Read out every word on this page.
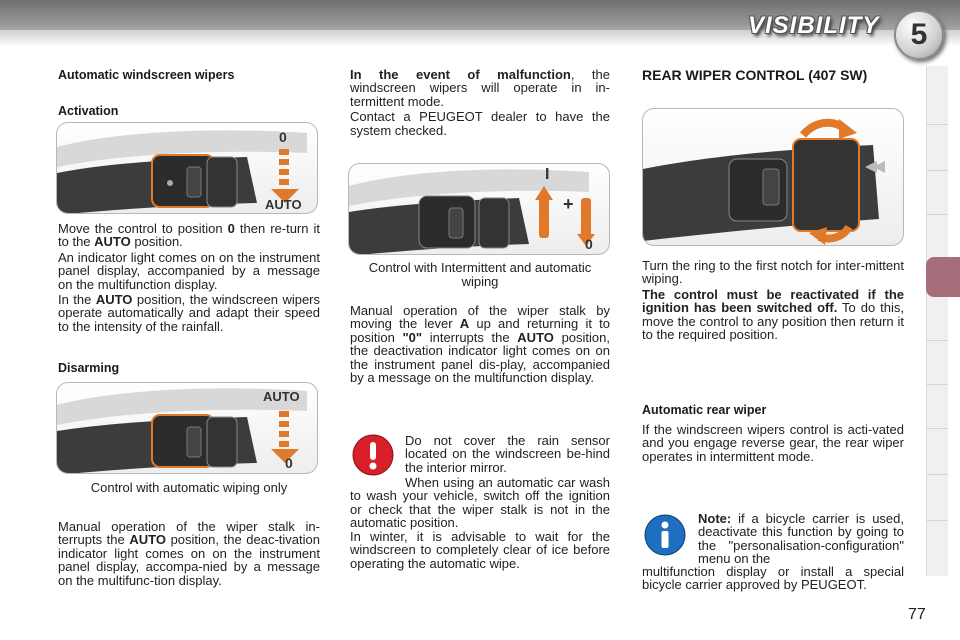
VISIBILITY	5
77
Automatic windscreen wipers
Activation
0
AUTO

Move the control to position 0 then re-turn it to the AUTO position.

An indicator light comes on on the instrument panel display, accompanied by a message on the multifunction display.

In the AUTO position, the windscreen wipers operate automatically and adapt their speed to the intensity of the rainfall.

Disarming
AUTO
0
Control with automatic wiping only

Manual operation of the wiper stalk in-terrupts the AUTO position, the deac-tivation indicator light comes on on the instrument panel display, accompa-nied by a message on the multifunc-tion display.

In the event of malfunction, the windscreen wipers will operate in in-termittent mode.

Contact a PEUGEOT dealer to have the system checked.

I
+
0
Control with Intermittent and automatic wiping

Manual operation of the wiper stalk by moving the lever A up and returning it to position "0" interrupts the AUTO position, the deactivation indicator light comes on on the instrument panel dis-play, accompanied by a message on the multifunction display.

Do not cover the rain sensor located on the windscreen be-hind the interior mirror.

When using an automatic car wash to wash your vehicle, switch off the ignition or check that the wiper stalk is not in the automatic position.

In winter, it is advisable to wait for the windscreen to completely clear of ice before operating the automatic wipe.

REAR WIPER CONTROL (407 SW)

Turn the ring to the first notch for inter-mittent wiping.

The control must be reactivated if the ignition has been switched off. To do this, move the control to any position then return it to the required position.

Automatic rear wiper

If the windscreen wipers control is acti-vated and you engage reverse gear, the rear wiper operates in intermittent mode.

Note: if a bicycle carrier is used, deactivate this function by going to the "personalisation-configuration" menu on the

multifunction display or install a special bicycle carrier approved by PEUGEOT.
